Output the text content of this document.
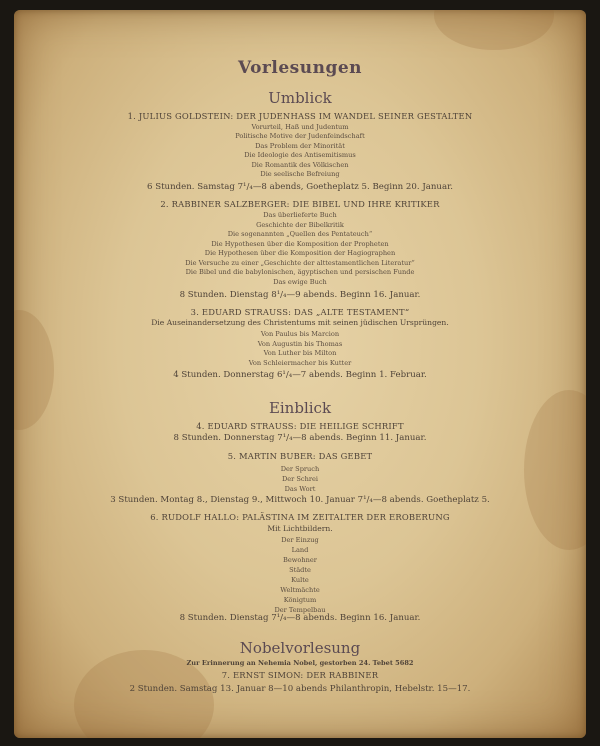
Vorlesungen
Umblick
1. JULIUS GOLDSTEIN: DER JUDENHASS IM WANDEL SEINER GESTALTEN
Vorurteil, Haß und Judentum
Politische Motive der Judenfeindschaft
Das Problem der Minorität
Die Ideologie des Antisemitismus
Die Romantik des Völkischen
Die seelische Befreiung
6 Stunden. Samstag 7¹/₄—8 abends, Goetheplatz 5. Beginn 20. Januar.
2. RABBINER SALZBERGER: DIE BIBEL UND IHRE KRITIKER
Das überlieferte Buch
Geschichte der Bibelkritik
Die sogenannten „Quellen des Pentateuch“
Die Hypothesen über die Komposition der Propheten
Die Hypothesen über die Komposition der Hagiographen
Die Versuche zu einer „Geschichte der alttestamentlichen Literatur“
Die Bibel und die babylonischen, ägyptischen und persischen Funde
Das ewige Buch
8 Stunden. Dienstag 8¹/₄—9 abends. Beginn 16. Januar.
3. EDUARD STRAUSS: DAS „ALTE TESTAMENT“
Die Auseinandersetzung des Christentums mit seinen jüdischen Ursprüngen.
Von Paulus bis Marcion
Von Augustin bis Thomas
Von Luther bis Milton
Von Schleiermacher bis Kutter
4 Stunden. Donnerstag 6¹/₄—7 abends. Beginn 1. Februar.
Einblick
4. EDUARD STRAUSS: DIE HEILIGE SCHRIFT
8 Stunden. Donnerstag 7¹/₄—8 abends. Beginn 11. Januar.
5. MARTIN BUBER: DAS GEBET
Der Spruch
Der Schrei
Das Wort
3 Stunden. Montag 8., Dienstag 9., Mittwoch 10. Januar 7¹/₄—8 abends. Goetheplatz 5.
6. RUDOLF HALLO: PALÄSTINA IM ZEITALTER DER EROBERUNG
Mit Lichtbildern.
Der Einzug
Land
Bewohner
Städte
Kulte
Weltmächte
Königtum
Der Tempelbau
8 Stunden. Dienstag 7¹/₄—8 abends. Beginn 16. Januar.
Nobelvorlesung
Zur Erinnerung an Nehemia Nobel, gestorben 24. Tebet 5682
7. ERNST SIMON: DER RABBINER
2 Stunden. Samstag 13. Januar 8—10 abends Philanthropin, Hebelstr. 15—17.
